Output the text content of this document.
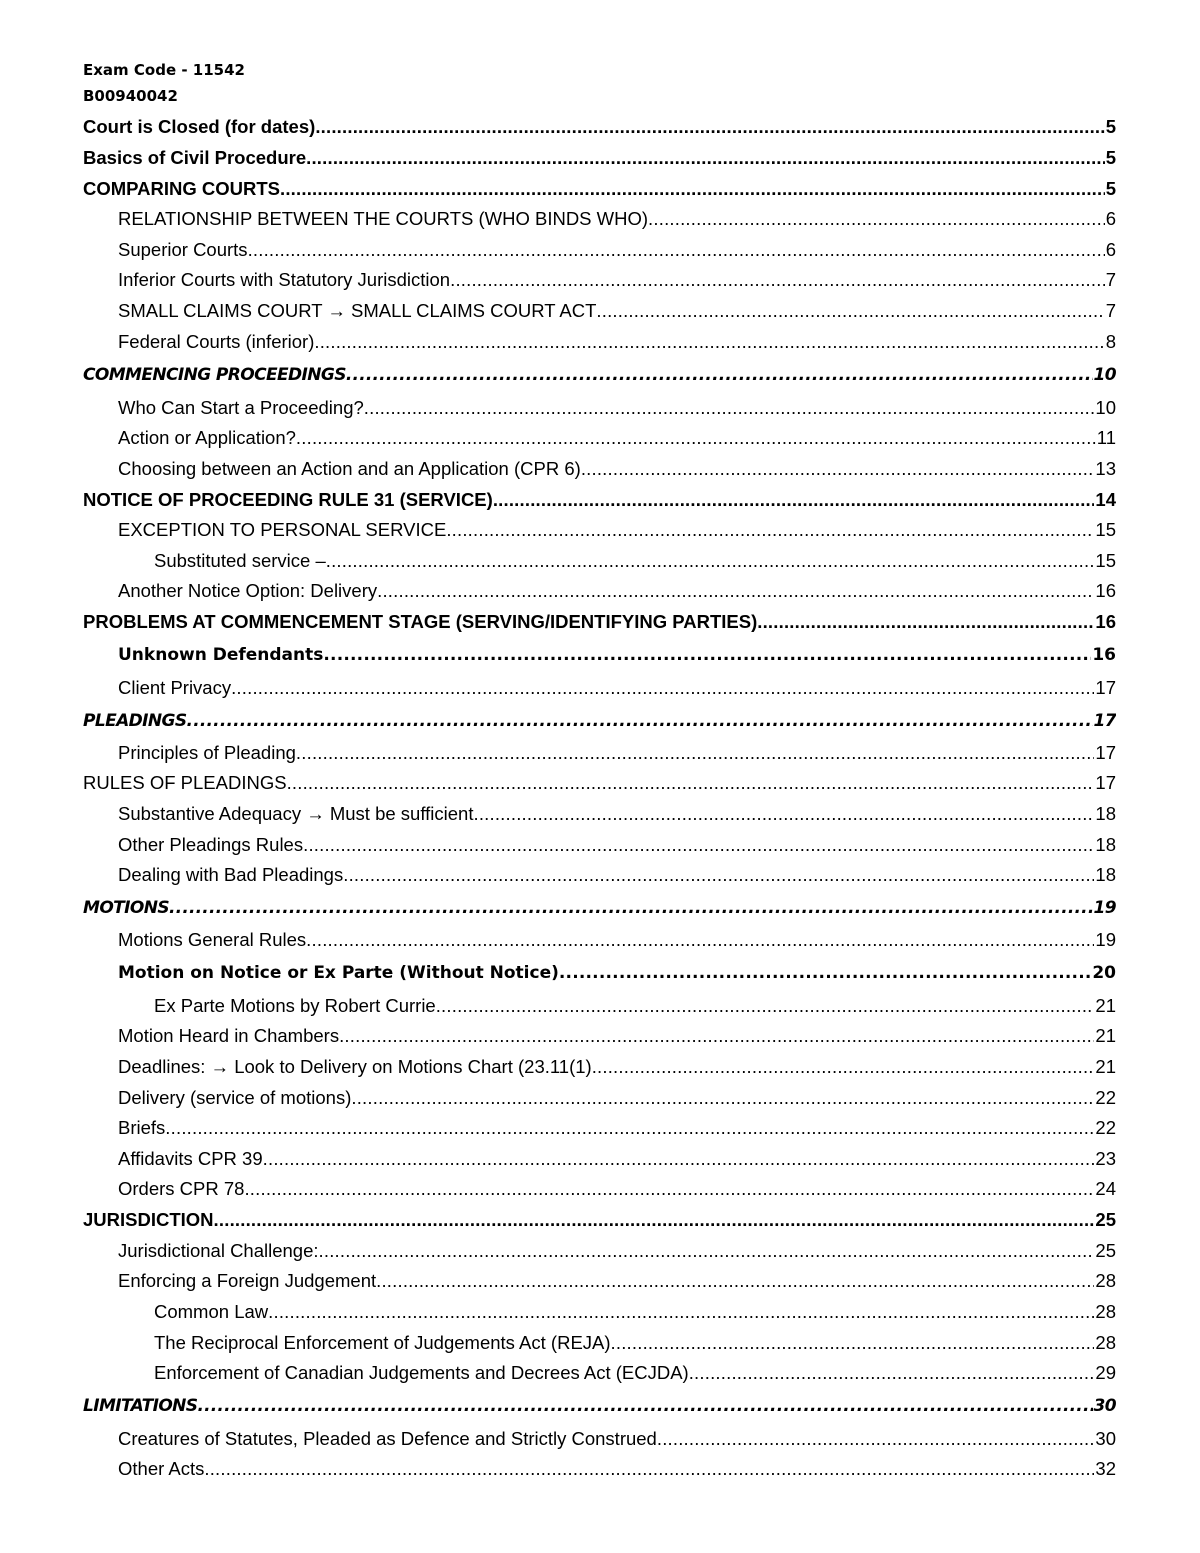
Exam Code - 11542
B00940042
Court is Closed (for dates) .....	5
Basics of Civil Procedure .....	5
COMPARING COURTS .....	5
RELATIONSHIP BETWEEN THE COURTS (WHO BINDS WHO) .....	6
Superior Courts .....	6
Inferior Courts with Statutory Jurisdiction .....	7
SMALL CLAIMS COURT → SMALL CLAIMS COURT ACT .....	7
Federal Courts (inferior) .....	8
COMMENCING PROCEEDINGS .....	10
Who Can Start a Proceeding? .....	10
Action or Application? .....	11
Choosing between an Action and an Application (CPR 6) .....	13
NOTICE OF PROCEEDING RULE 31 (SERVICE) .....	14
EXCEPTION TO PERSONAL SERVICE .....	15
Substituted service – .....	15
Another Notice Option: Delivery .....	16
PROBLEMS AT COMMENCEMENT STAGE (SERVING/IDENTIFYING PARTIES) .....	16
Unknown Defendants .....	16
Client Privacy .....	17
PLEADINGS .....	17
Principles of Pleading .....	17
RULES OF PLEADINGS .....	17
Substantive Adequacy → Must be sufficient .....	18
Other Pleadings Rules .....	18
Dealing with Bad Pleadings .....	18
MOTIONS .....	19
Motions General Rules .....	19
Motion on Notice or Ex Parte (Without Notice) .....	20
Ex Parte Motions by Robert Currie .....	21
Motion Heard in Chambers .....	21
Deadlines: → Look to Delivery on Motions Chart (23.11(1) .....	21
Delivery (service of motions) .....	22
Briefs .....	22
Affidavits CPR 39 .....	23
Orders CPR 78 .....	24
JURISDICTION .....	25
Jurisdictional Challenge: .....	25
Enforcing a Foreign Judgement .....	28
Common Law .....	28
The Reciprocal Enforcement of Judgements Act (REJA) .....	28
Enforcement of Canadian Judgements and Decrees Act (ECJDA) .....	29
LIMITATIONS .....	30
Creatures of Statutes, Pleaded as Defence and Strictly Construed .....	30
Other Acts .....	32
